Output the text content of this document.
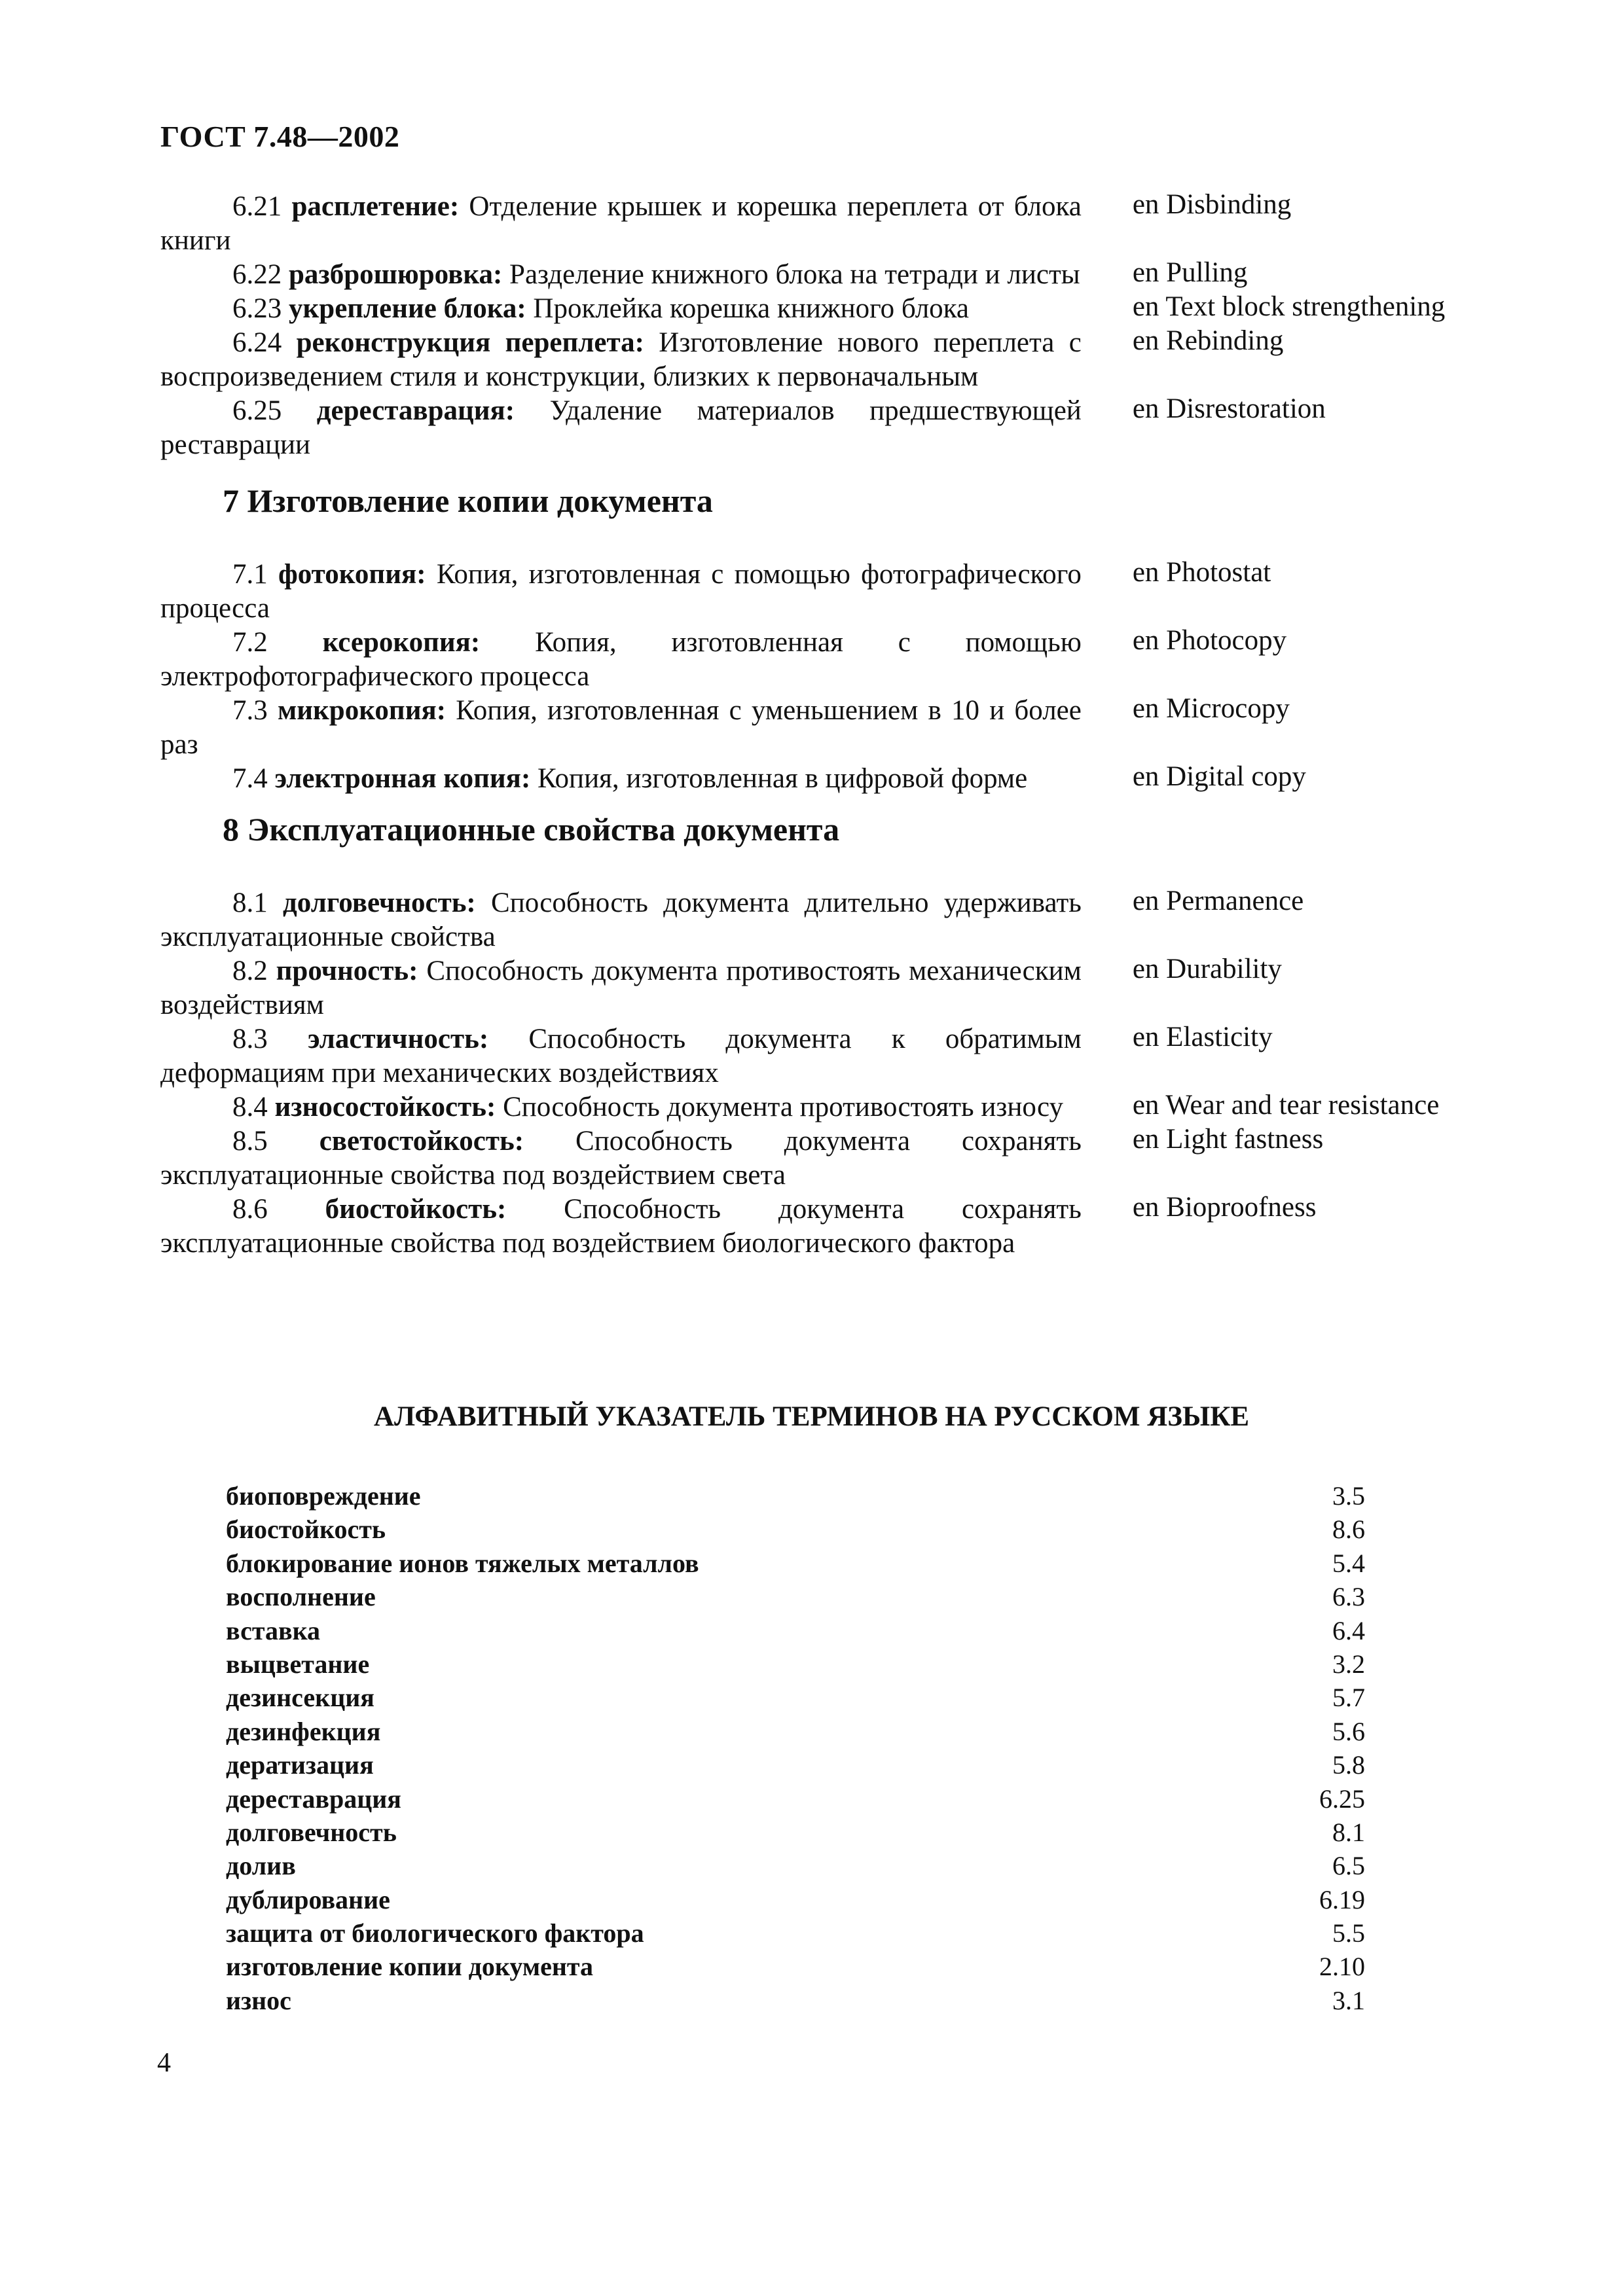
ГОСТ 7.48—2002
6.21 расплетение: Отделение крышек и корешка переплета от блока книги
en Disbinding
6.22 разброшюровка: Разделение книжного блока на тетради и листы en Pulling
6.23 укрепление блока: Проклейка корешка книжного блока	en Text block strengthening
6.24 реконструкция переплета: Изготовление нового переплета с воспроизведением стиля и конструкции, близких к первоначальным
en Rebinding
6.25 дереставрация: Удаление материалов предшествующей реставрации
en Disrestoration
7 Изготовление копии документа
7.1 фотокопия: Копия, изготовленная с помощью фотографического процесса
en Photostat
7.2 ксерокопия: Копия, изготовленная с помощью электрофотографического процесса
en Photocopy
7.3 микрокопия: Копия, изготовленная с уменьшением в 10 и более раз
en Microcopy
7.4 электронная копия: Копия, изготовленная в цифровой форме	en Digital copy
8 Эксплуатационные свойства документа
8.1 долговечность: Способность документа длительно удерживать эксплуатационные свойства
en Permanence
8.2 прочность: Способность документа противостоять механическим воздействиям
en Durability
8.3 эластичность: Способность документа к обратимым деформациям при механических воздействиях
en Elasticity
8.4 износостойкость: Способность документа противостоять износу	en Wear and tear resistance
8.5 светостойкость: Способность документа сохранять эксплуатационные свойства под воздействием света
en Light fastness
8.6 биостойкость: Способность документа сохранять эксплуатационные свойства под воздействием биологического фактора
en Bioproofness
АЛФАВИТНЫЙ УКАЗАТЕЛЬ ТЕРМИНОВ НА РУССКОМ ЯЗЫКЕ
биоповреждение	3.5
биостойкость	8.6
блокирование ионов тяжелых металлов	5.4
восполнение	6.3
вставка	6.4
выцветание	3.2
дезинсекция	5.7
дезинфекция	5.6
дератизация	5.8
дереставрация	6.25
долговечность	8.1
долив	6.5
дублирование	6.19
защита от биологического фактора	5.5
изготовление копии документа	2.10
износ	3.1
4
